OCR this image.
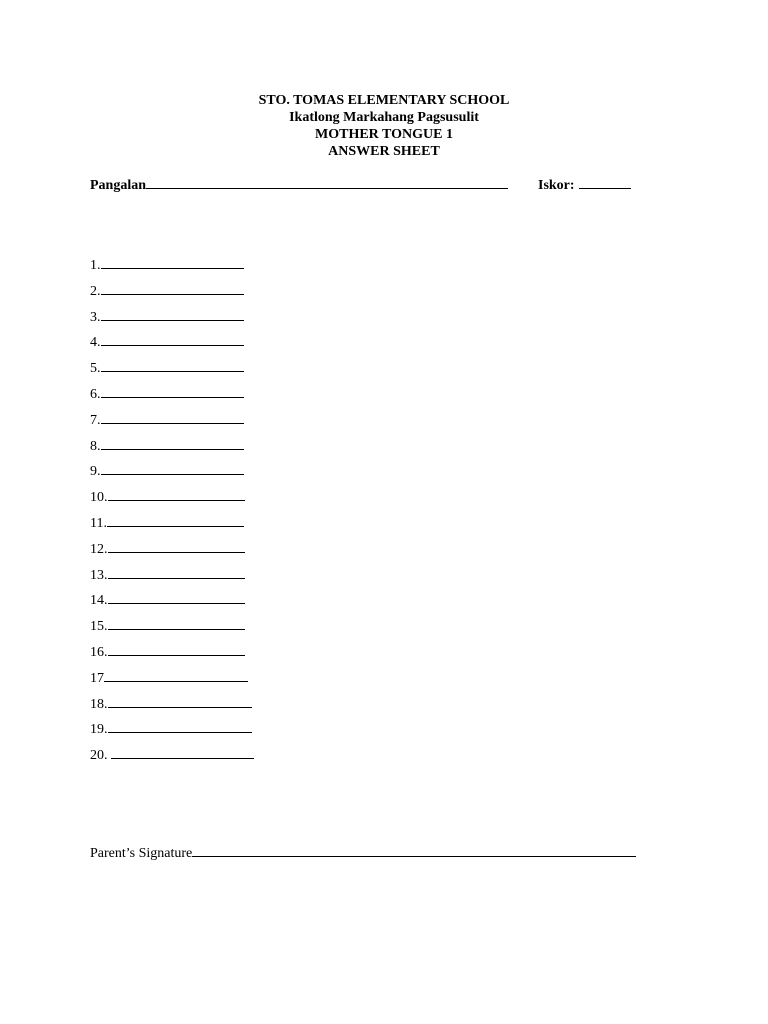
STO. TOMAS ELEMENTARY SCHOOL
Ikatlong Markahang Pagsusulit
MOTHER TONGUE 1
ANSWER SHEET
Pangalan	Iskor:
1.
2.
3.
4.
5.
6.
7.
8.
9.
10.
11.
12.
13.
14.
15.
16.
17
18.
19.
20.
Parent’s Signature
